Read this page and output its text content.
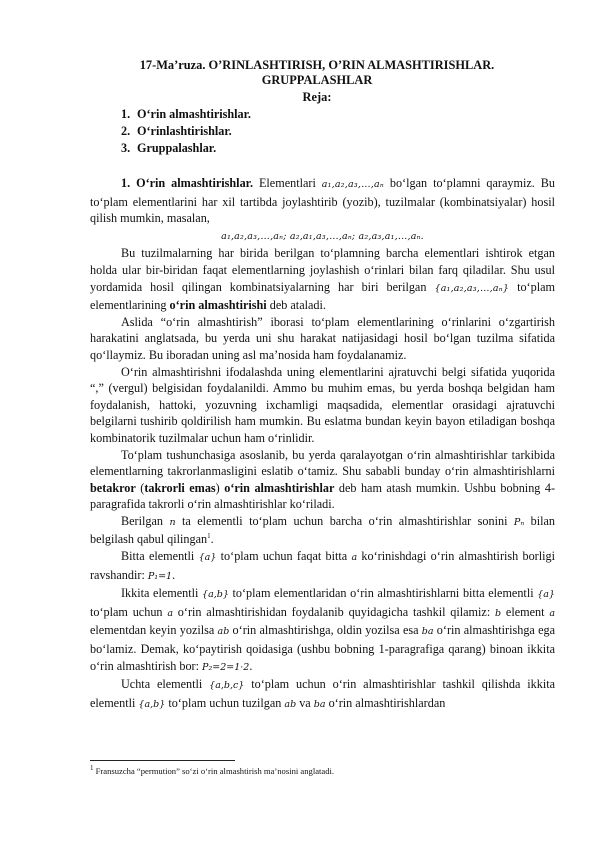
17-Ma’ruza. O’RINLASHTIRISH, O’RIN ALMASHTIRISHLAR.
GRUPPALASHLAR
Reja:
1. O‘rin almashtirishlar.
2. O‘rinlashtirishlar.
3. Gruppalashlar.

1. O‘rin almashtirishlar. Elementlari a₁,a₂,a₃,…,aₙ bo‘lgan to‘plamni qaraymiz. Bu to‘plam elementlarini har xil tartibda joylashtirib (yozib), tuzilmalar (kombinatsiyalar) hosil qilish mumkin, masalan,

a₁,a₂,a₃,…,aₙ; a₂,a₁,a₃,…,aₙ; a₂,a₃,a₁,…,aₙ.

Bu tuzilmalarning har birida berilgan to‘plamning barcha elementlari ishtirok etgan holda ular bir-biridan faqat elementlarning joylashish o‘rinlari bilan farq qiladilar. Shu usul yordamida hosil qilingan kombinatsiyalarning har biri berilgan {a₁,a₂,a₃,…,aₙ} to‘plam elementlarining o‘rin almashtirishi deb ataladi.

Aslida “o‘rin almashtirish” iborasi to‘plam elementlarining o‘rinlarini o‘zgartirish harakatini anglatsada, bu yerda uni shu harakat natijasidagi hosil bo‘lgan tuzilma sifatida qo‘llaymiz. Bu iboradan uning asl ma’nosida ham foydalanamiz.

O‘rin almashtirishni ifodalashda uning elementlarini ajratuvchi belgi sifatida yuqorida “,” (vergul) belgisidan foydalanildi. Ammo bu muhim emas, bu yerda boshqa belgidan ham foydalanish, hattoki, yozuvning ixchamligi maqsadida, elementlar orasidagi ajratuvchi belgilarni tushirib qoldirilish ham mumkin. Bu eslatma bundan keyin bayon etiladigan boshqa kombinatorik tuzilmalar uchun ham o‘rinlidir.

To‘plam tushunchasiga asoslanib, bu yerda qaralayotgan o‘rin almashtirishlar tarkibida elementlarning takrorlanmasligini eslatib o‘tamiz. Shu sababli bunday o‘rin almashtirishlarni betakror (takrorli emas) o‘rin almashtirishlar deb ham atash mumkin. Ushbu bobning 4-paragrafida takrorli o‘rin almashtirishlar ko‘riladi.

Berilgan n ta elementli to‘plam uchun barcha o‘rin almashtirishlar sonini Pₙ bilan belgilash qabul qilingan$^1$.

Bitta elementli {a} to‘plam uchun faqat bitta a ko‘rinishdagi o‘rin almashtirish borligi ravshandir: P₁=1.

Ikkita elementli {a,b} to‘plam elementlaridan o‘rin almashtirishlarni bitta elementli {a} to‘plam uchun a o‘rin almashtirishidan foydalanib quyidagicha tashkil qilamiz: b element a elementdan keyin yozilsa ab o‘rin almashtirishga, oldin yozilsa esa ba o‘rin almashtirishga ega bo‘lamiz. Demak, ko‘paytirish qoidasiga (ushbu bobning 1-paragrafiga qarang) binoan ikkita o‘rin almashtirish bor: P₂=2=1·2.

Uchta elementli {a,b,c} to‘plam uchun o‘rin almashtirishlar tashkil qilishda ikkita elementli {a,b} to‘plam uchun tuzilgan ab va ba o‘rin almashtirishlardan

$^1$ Fransuzcha “permution” so‘zi o‘rin almashtirish ma’nosini anglatadi.
